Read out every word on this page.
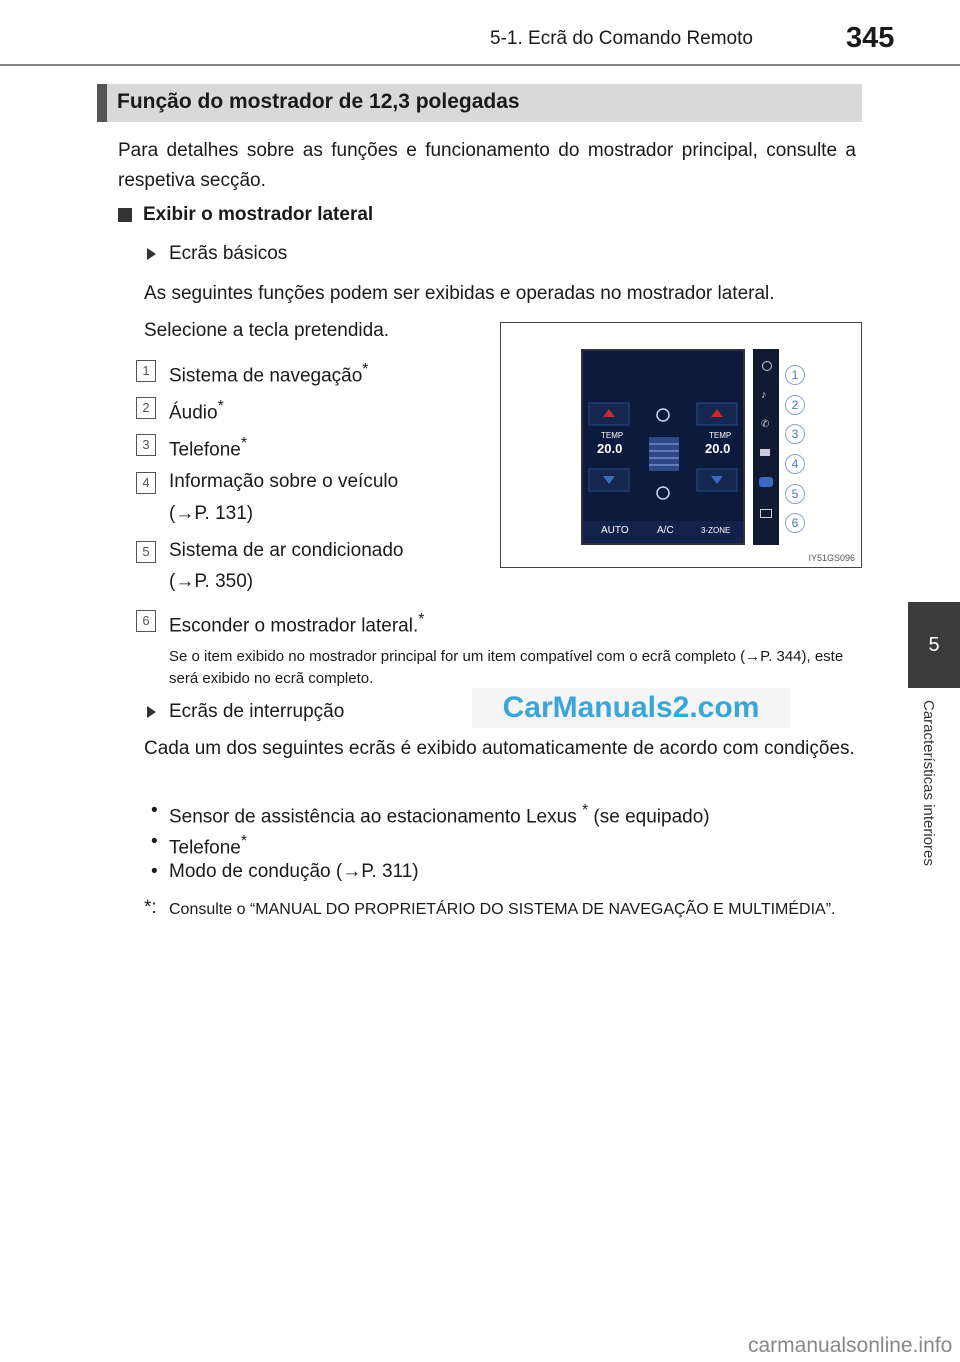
5-1. Ecrã do Comando Remoto	345
5
Características interiores
Função do mostrador de 12,3 polegadas
Para detalhes sobre as funções e funcionamento do mostrador principal, consulte a respetiva secção.
Exibir o mostrador lateral
Ecrãs básicos
As seguintes funções podem ser exibidas e operadas no mostrador lateral.
Selecione a tecla pretendida.
1	Sistema de navegação*
2	Áudio*
3	Telefone*
4	Informação sobre o veículo
(→P. 131)
5	Sistema de ar condicionado
(→P. 350)
6	Esconder o mostrador lateral.*
Se o item exibido no mostrador principal for um item compatível com o ecrã completo (→P. 344), este será exibido no ecrã completo.
TEMP
20.0
TEMP
20.0
AUTO	A/C	3-ZONE
♪
✆
1
2
3
4
5
6
IY51GS096
Ecrãs de interrupção
Cada um dos seguintes ecrãs é exibido automaticamente de acordo com condições.
• Sensor de assistência ao estacionamento Lexus * (se equipado)
• Telefone*
• Modo de condução (→P. 311)
*: Consulte o “MANUAL DO PROPRIETÁRIO DO SISTEMA DE NAVEGAÇÃO E MULTIMÉDIA”.
CarManuals2.com
carmanualsonline.info
